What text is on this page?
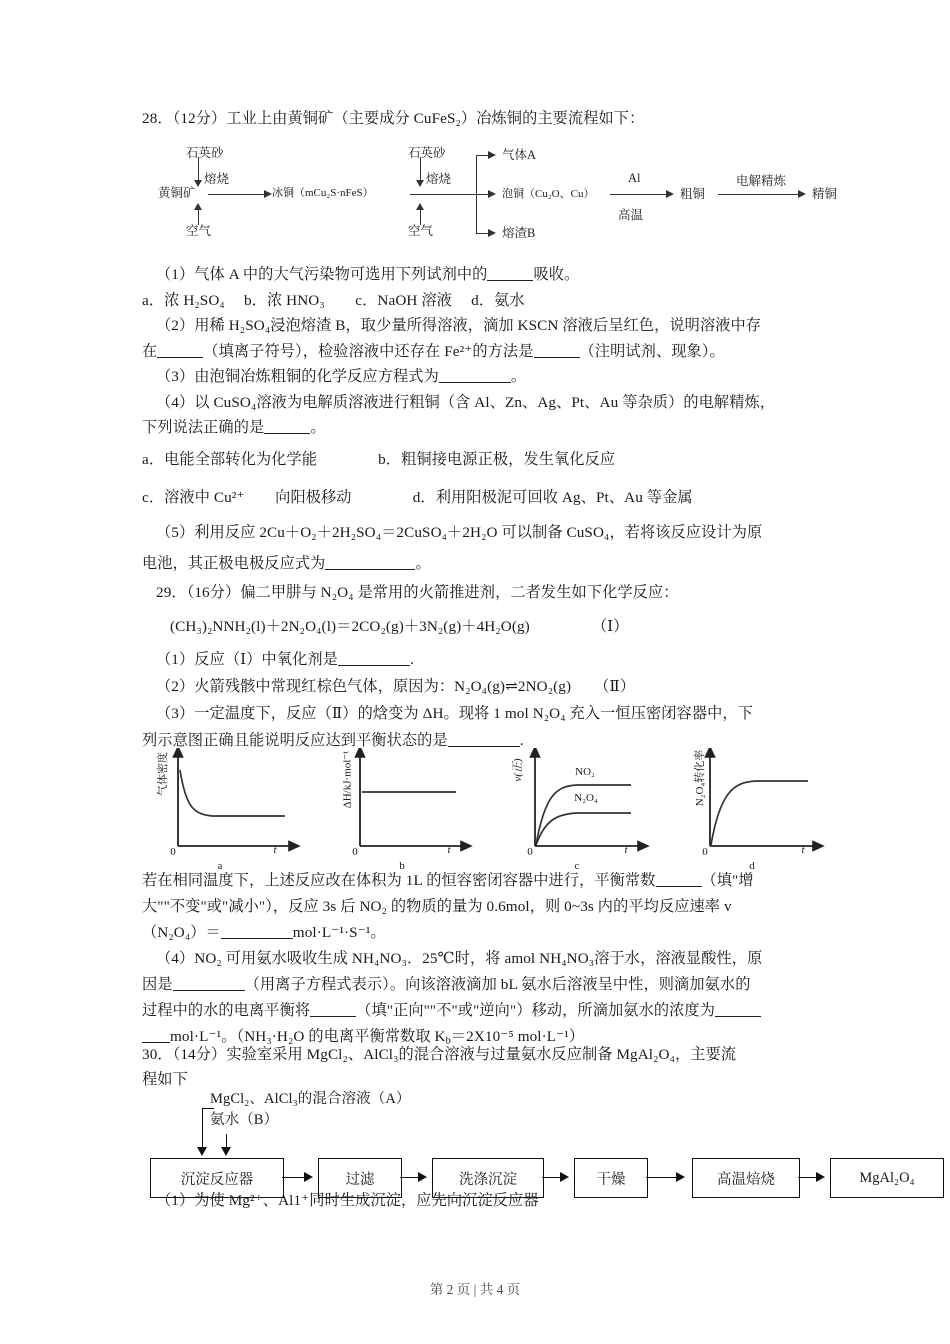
28．（12分）工业上由黄铜矿（主要成分 CuFeS₂）冶炼铜的主要流程如下：
石英砂
空气
黄铜矿
熔烧
冰铜（mCu₂S·nFeS）
石英砂
空气
熔烧
气体A
泡铜（Cu₂O、Cu）
熔渣B
Al
高温
粗铜
电解精炼
精铜
（1）气体 A 中的大气污染物可选用下列试剂中的	吸收。
a．浓 H₂SO₄　 b．浓 HNO₃　　c．NaOH 溶液　 d．氨水
（2）用稀 H₂SO₄浸泡熔渣 B，取少量所得溶液，滴加 KSCN 溶液后呈红色，说明溶液中存
在	（填离子符号），检验溶液中还存在 Fe²⁺的方法是	（注明试剂、现象）。
（3）由泡铜冶炼粗铜的化学反应方程式为	。
（4）以 CuSO₄溶液为电解质溶液进行粗铜（含 Al、Zn、Ag、Pt、Au 等杂质）的电解精炼，
下列说法正确的是	。
a．电能全部转化为化学能　　　　b．粗铜接电源正极，发生氧化反应
c．溶液中 Cu²⁺　　向阳极移动　　　　d．利用阳极泥可回收 Ag、Pt、Au 等金属
（5）利用反应 2Cu＋O₂＋2H₂SO₄＝2CuSO₄＋2H₂O 可以制备 CuSO₄，若将该反应设计为原
电池，其正极电极反应式为	。
29．（16分）偏二甲肼与 N₂O₄ 是常用的火箭推进剂，二者发生如下化学反应：
(CH₃)₂NNH₂(l)＋2N₂O₄(l)＝2CO₂(g)＋3N₂(g)＋4H₂O(g)	（Ⅰ）
（1）反应（Ⅰ）中氧化剂是	.
（2）火箭残骸中常现红棕色气体，原因为：N₂O₄(g)⇌2NO₂(g)　　（Ⅱ）
（3）一定温度下，反应（Ⅱ）的焓变为 ΔH。现将 1 mol N₂O₄ 充入一恒压密闭容器中，下
列示意图正确且能说明反应达到平衡状态的是	.
气体密度
0	t
a
ΔH/kJ·mol⁻¹
0	t
b
v(正)	NO₂
N₂O₄
0	t
c
N₂O₄转化率
0	t
d
若在相同温度下，上述反应改在体积为 1L 的恒容密闭容器中进行，平衡常数	（填"增
大""不变"或"减小"），反应 3s 后 NO₂ 的物质的量为 0.6mol，则 0~3s 内的平均反应速率 v
（N₂O₄）＝	mol·L⁻¹·S⁻¹。
（4）NO₂ 可用氨水吸收生成 NH₄NO₃．25℃时，将 amol NH₄NO₃溶于水，溶液显酸性，原
因是	（用离子方程式表示）。向该溶液滴加 bL 氨水后溶液呈中性，则滴加氨水的
过程中的水的电离平衡将	（填"正向""不"或"逆向"）移动，所滴加氨水的浓度为
mol·L⁻¹。（NH₃·H₂O 的电离平衡常数取 $K_b=2X10^{-5}$ mol·L⁻¹）
30．（14分）实验室采用 MgCl₂、AlCl₃的混合溶液与过量氨水反应制备 MgAl₂O₄，主要流
程如下
MgCl₂、AlCl₃的混合溶液（A）
氨水（B）
沉淀反应器	过滤	洗涤沉淀	干燥	高温焙烧	MgAl₂O₄
（1）为使 Mg²⁺、Al1⁺同时生成沉淀，应先向沉淀反应器
第 2 页 | 共 4 页
